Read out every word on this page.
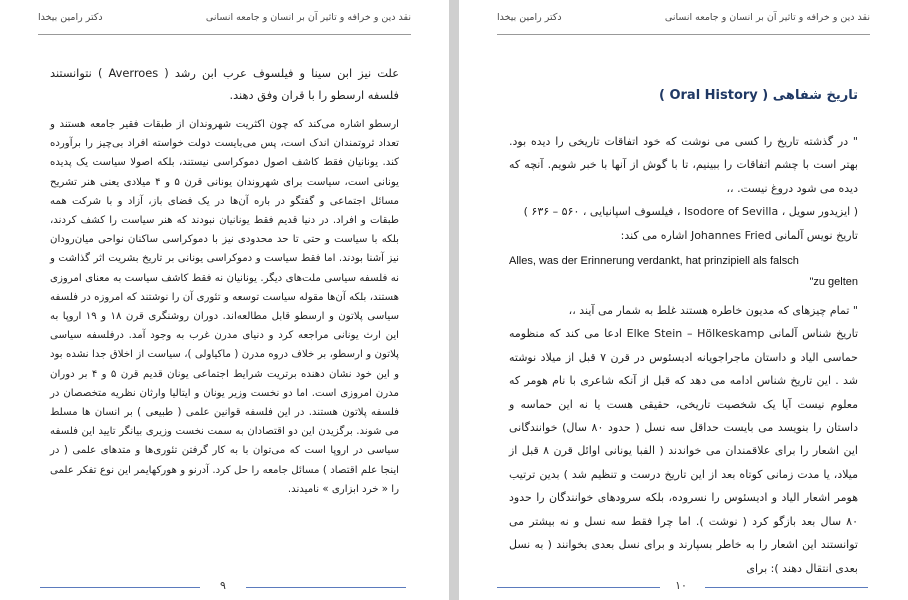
نقد دین و خرافه و تاثیر آن بر انسان و جامعه انسانی
دکتر رامین بیخدا

علت نیز ابن سینا و فیلسوف عرب ابن رشد ( Averroes ) نتوانستند فلسفه ارسطو را با قران وفق دهند.

ارسطو اشاره می‌کند که چون اکثریت شهروندان از طبقات فقیر جامعه هستند و تعداد ثروتمندان اندک است، پس می‌بایست دولت خواسته افراد بی‌چیز را برآورده کند. یونانیان فقط کاشف اصول دموکراسی نیستند، بلکه اصولا سیاست یک پدیده یونانی است، سیاست برای شهروندان یونانی قرن ۵ و ۴ میلادی یعنی هنر تشریح مسائل اجتماعی و گفتگو در باره آن‌ها در یک فضای باز، آزاد و با شرکت همه طبقات و افراد. در دنیا قدیم فقط یونانیان نبودند که هنر سیاست را کشف کردند، بلکه با سیاست و حتی تا حد محدودی نیز با دموکراسی ساکنان نواحی میان‌رودان نیز آشنا بودند. اما فقط سیاست و دموکراسی یونانی بر تاریخ بشریت اثر گذاشت و نه فلسفه سیاسی ملت‌های دیگر. یونانیان نه فقط کاشف سیاست به معنای امروزی هستند، بلکه آن‌ها مقوله سیاست توسعه و تئوری آن را نوشتند که امروزه در فلسفه سیاسی پلاتون و ارسطو قابل مطالعه‌اند. دوران روشنگری قرن ۱۸ و ۱۹ اروپا به این ارث یونانی مراجعه کرد و دنیای مدرن غرب به وجود آمد. درفلسفه سیاسی پلاتون و ارسطو، بر خلاف دروه مدرن ( ماکیاولی )، سیاست از اخلاق جدا نشده بود و این خود نشان دهنده برتریت شرایط اجتماعی یونان قدیم قرن ۵ و ۴ بر دوران مدرن امروزی است. اما دو نخست وزیر یونان و ایتالیا وارثان نظریه متخصصان در فلسفه پلاتون هستند. در این فلسفه قوانین علمی ( طبیعی ) بر انسان ها مسلط می شوند. برگزیدن این دو اقتصادان به سمت نخست وزیری بیانگر تایید این فلسفه سیاسی در اروپا است که می‌توان با به کار گرفتن تئوری‌ها و متدهای علمی ( در اینجا علم اقتصاد ) مسائل جامعه را حل کرد. آدرنو و هورکهایمر این نوع تفکر علمی را « خرد ابزاری » نامیدند.

۹
نقد دین و خرافه و تاثیر آن بر انسان و جامعه انسانی
دکتر رامین بیخدا
تاریخ شفاهی ( Oral History )

" در گذشته تاریخ را کسی می نوشت که خود اتفاقات تاریخی را دیده بود. بهتر است با چشم اتفاقات را ببینیم، تا با گوش از آنها با خبر شویم. آنچه که دیده می شود دروغ نیست. ،،

( ایزیدور سویل ، Isodore of Sevilla ، فیلسوف اسپانیایی ، ۵۶۰ – ۶۳۶ )

تاریخ نویس آلمانی Johannes Fried اشاره می کند:

Alles, was der Erinnerung verdankt, hat prinzipiell als falsch
"zu gelten

" تمام چیزهای که مدیون خاطره هستند غلط به شمار می آیند ،،

تاریخ شناس آلمانی Elke Stein – Hölkeskamp ادعا می کند که منظومه حماسی الیاد و داستان ماجراجویانه ادیسئوس در قرن ۷ قبل از میلاد نوشته شد . این تاریخ شناس ادامه می دهد که قبل از آنکه شاعری با نام هومر که معلوم نیست آیا یک شخصیت تاریخی، حقیقی هست یا نه این حماسه و داستان را بنویسد می بایست حداقل سه نسل ( حدود ۸۰ سال) خوانندگانی این اشعار را برای علاقمندان می خواندند ( الفبا یونانی اوائل قرن ۸ قبل از میلاد، یا مدت زمانی کوتاه بعد از این تاریخ درست و تنظیم شد ) بدین ترتیب هومر اشعار الیاد و ادیسئوس را نسروده، بلکه سرودهای خوانندگان را حدود ۸۰ سال بعد بازگو کرد ( نوشت ). اما چرا فقط سه نسل و نه بیشتر می توانستند این اشعار را به خاطر بسپارند و برای نسل بعدی بخوانند ( به نسل بعدی انتقال دهند ): برای

۱۰
